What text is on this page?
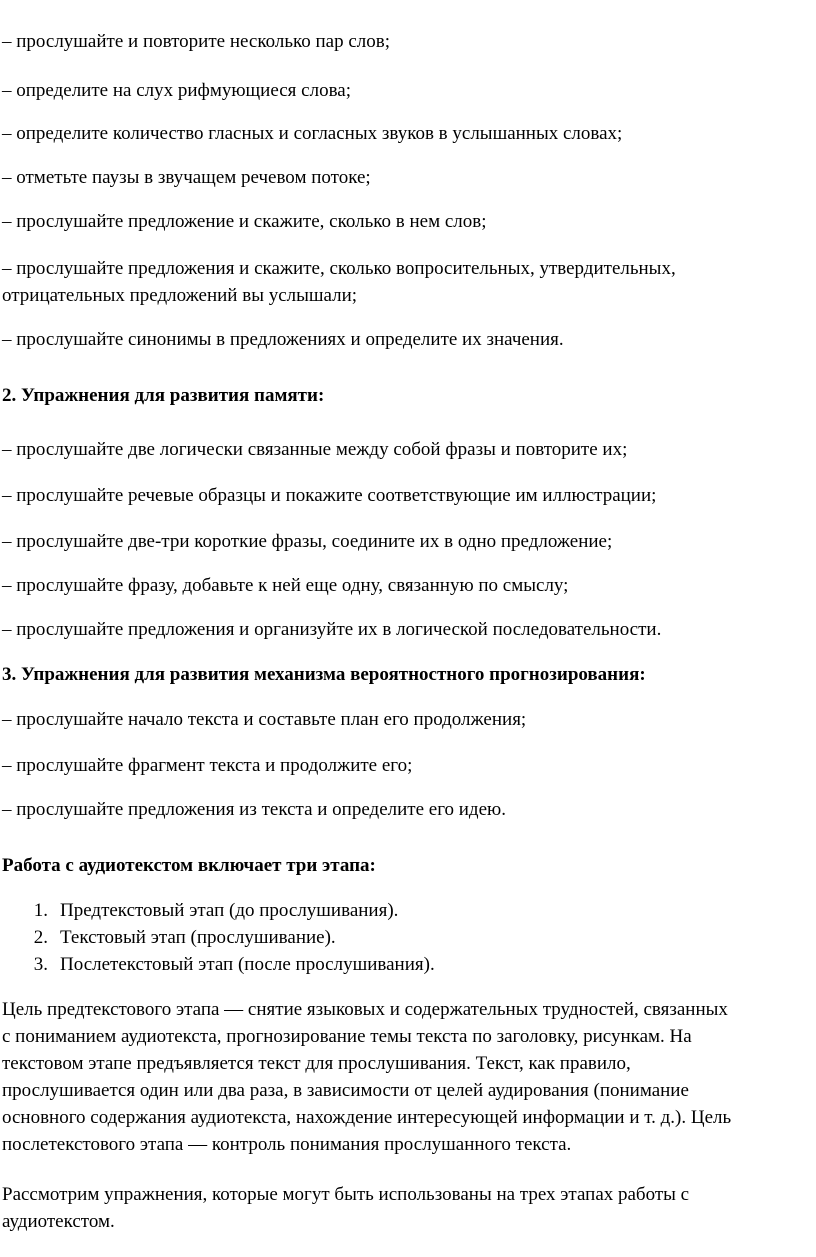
– прослушайте и повторите несколько пар слов;
– определите на слух рифмующиеся слова;
– определите количество гласных и согласных звуков в услышанных словах;
– отметьте паузы в звучащем речевом потоке;
– прослушайте предложение и скажите, сколько в нем слов;
– прослушайте предложения и скажите, сколько вопросительных, утвердительных,
отрицательных предложений вы услышали;
– прослушайте синонимы в предложениях и определите их значения.
2. Упражнения для развития памяти:
– прослушайте две логически связанные между собой фразы и повторите их;
– прослушайте речевые образцы и покажите соответствующие им иллюстрации;
– прослушайте две-три короткие фразы, соедините их в одно предложение;
– прослушайте фразу, добавьте к ней еще одну, связанную по смыслу;
– прослушайте предложения и организуйте их в логической последовательности.
3. Упражнения для развития механизма вероятностного прогнозирования:
– прослушайте начало текста и составьте план его продолжения;
– прослушайте фрагмент текста и продолжите его;
– прослушайте предложения из текста и определите его идею.
Работа с аудиотекстом включает три этапа:
1. Предтекстовый этап (до прослушивания).
2. Текстовый этап (прослушивание).
3. Послетекстовый этап (после прослушивания).
Цель предтекстового этапа — снятие языковых и содержательных трудностей, связанных
с пониманием аудиотекста, прогнозирование темы текста по заголовку, рисункам. На
текстовом этапе предъявляется текст для прослушивания. Текст, как правило,
прослушивается один или два раза, в зависимости от целей аудирования (понимание
основного содержания аудиотекста, нахождение интересующей информации и т. д.). Цель
послетекстового этапа — контроль понимания прослушанного текста.
Рассмотрим упражнения, которые могут быть использованы на трех этапах работы с
аудиотекстом.
